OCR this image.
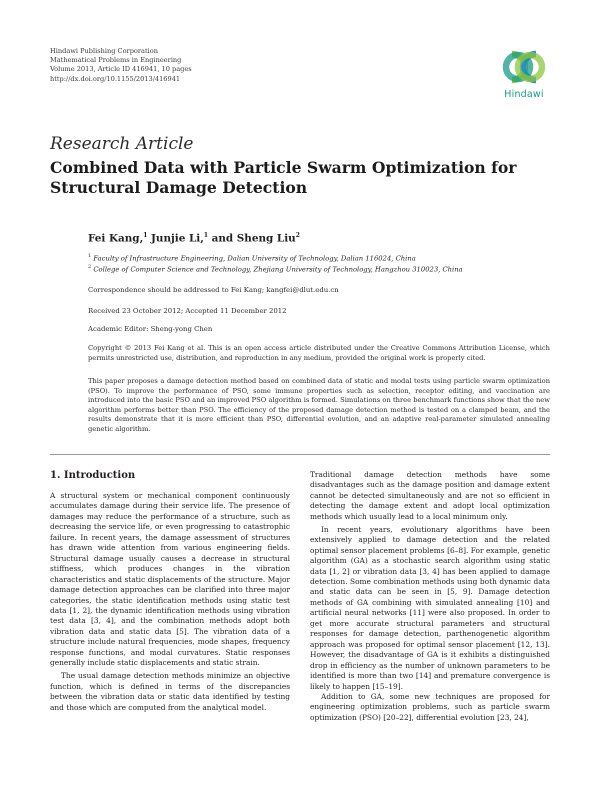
Hindawi Publishing Corporation
Mathematical Problems in Engineering
Volume 2013, Article ID 416941, 10 pages
http://dx.doi.org/10.1155/2013/416941
Hindawi
Research Article
Combined Data with Particle Swarm Optimization for Structural Damage Detection
Fei Kang,$^1$ Junjie Li,$^1$ and Sheng Liu$^2$
$^1$ Faculty of Infrastructure Engineering, Dalian University of Technology, Dalian 116024, China
$^2$ College of Computer Science and Technology, Zhejiang University of Technology, Hangzhou 310023, China
Correspondence should be addressed to Fei Kang; kangfei@dlut.edu.cn
Received 23 October 2012; Accepted 11 December 2012
Academic Editor: Sheng-yong Chen
Copyright © 2013 Fei Kang et al. This is an open access article distributed under the Creative Commons Attribution License, which permits unrestricted use, distribution, and reproduction in any medium, provided the original work is properly cited.
This paper proposes a damage detection method based on combined data of static and modal tests using particle swarm optimization (PSO). To improve the performance of PSO, some immune properties such as selection, receptor editing, and vaccination are introduced into the basic PSO and an improved PSO algorithm is formed. Simulations on three benchmark functions show that the new algorithm performs better than PSO. The efficiency of the proposed damage detection method is tested on a clamped beam, and the results demonstrate that it is more efficient than PSO, differential evolution, and an adaptive real-parameter simulated annealing genetic algorithm.
1. Introduction

A structural system or mechanical component continuously accumulates damage during their service life. The presence of damages may reduce the performance of a structure, such as decreasing the service life, or even progressing to catastrophic failure. In recent years, the damage assessment of structures has drawn wide attention from various engineering fields. Structural damage usually causes a decrease in structural stiffness, which produces changes in the vibration characteristics and static displacements of the structure. Major damage detection approaches can be clarified into three major categories, the static identification methods using static test data [1, 2], the dynamic identification methods using vibration test data [3, 4], and the combination methods adopt both vibration data and static data [5]. The vibration data of a structure include natural frequencies, mode shapes, frequency response functions, and modal curvatures. Static responses generally include static displacements and static strain.

The usual damage detection methods minimize an objective function, which is defined in terms of the discrepancies between the vibration data or static data identified by testing and those which are computed from the analytical model.

Traditional damage detection methods have some disadvantages such as the damage position and damage extent cannot be detected simultaneously and are not so efficient in detecting the damage extent and adopt local optimization methods which usually lead to a local minimum only.

In recent years, evolutionary algorithms have been extensively applied to damage detection and the related optimal sensor placement problems [6–8]. For example, genetic algorithm (GA) as a stochastic search algorithm using static data [1, 2] or vibration data [3, 4] has been applied to damage detection. Some combination methods using both dynamic data and static data can be seen in [5, 9]. Damage detection methods of GA combining with simulated annealing [10] and artificial neural networks [11] were also proposed. In order to get more accurate structural parameters and structural responses for damage detection, parthenogenetic algorithm approach was proposed for optimal sensor placement [12, 13]. However, the disadvantage of GA is it exhibits a distinguished drop in efficiency as the number of unknown parameters to be identified is more than two [14] and premature convergence is likely to happen [15–19].

Addition to GA, some new techniques are proposed for engineering optimization problems, such as particle swarm optimization (PSO) [20–22], differential evolution [23, 24],
